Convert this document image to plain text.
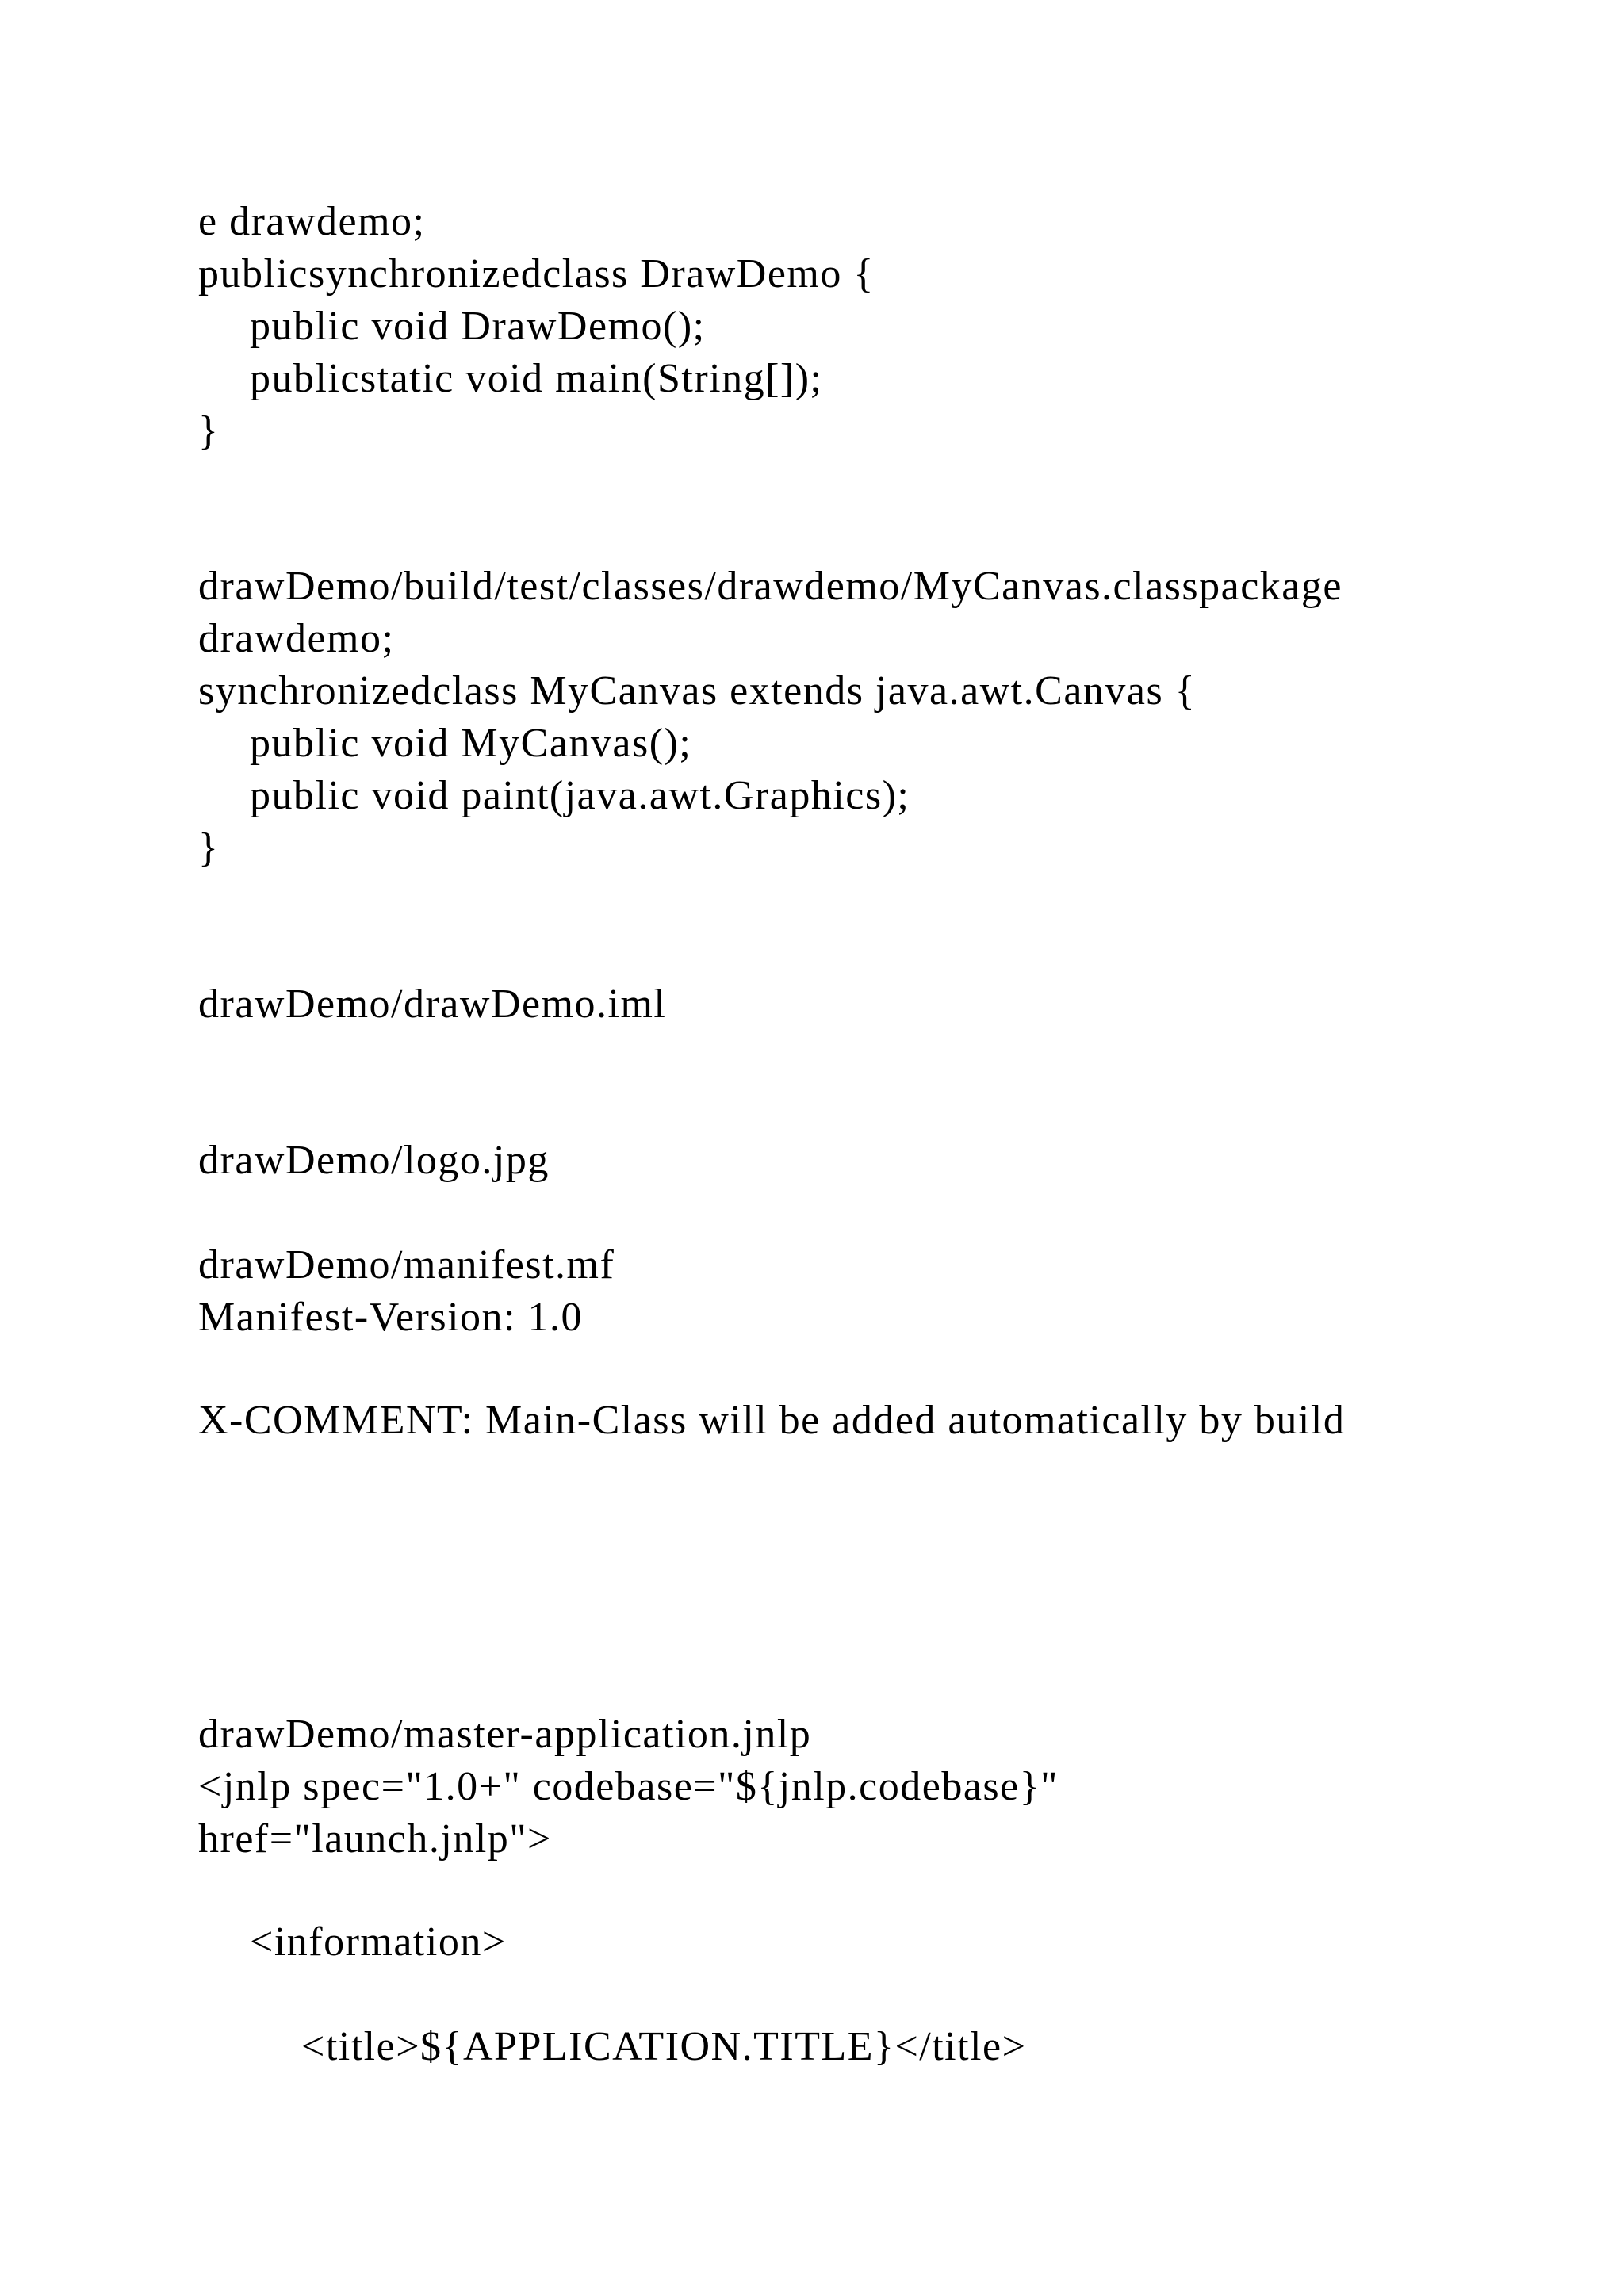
e drawdemo;

publicsynchronizedclass DrawDemo {

public void DrawDemo();

publicstatic void main(String[]);

}

drawDemo/build/test/classes/drawdemo/MyCanvas.classpackage

drawdemo;

synchronizedclass MyCanvas extends java.awt.Canvas {

public void MyCanvas();

public void paint(java.awt.Graphics);

}

drawDemo/drawDemo.iml

drawDemo/logo.jpg

drawDemo/manifest.mf

Manifest-Version: 1.0

X-COMMENT: Main-Class will be added automatically by build

drawDemo/master-application.jnlp

<jnlp spec="1.0+" codebase="${jnlp.codebase}"

href="launch.jnlp">

<information>

<title>${APPLICATION.TITLE}</title>
